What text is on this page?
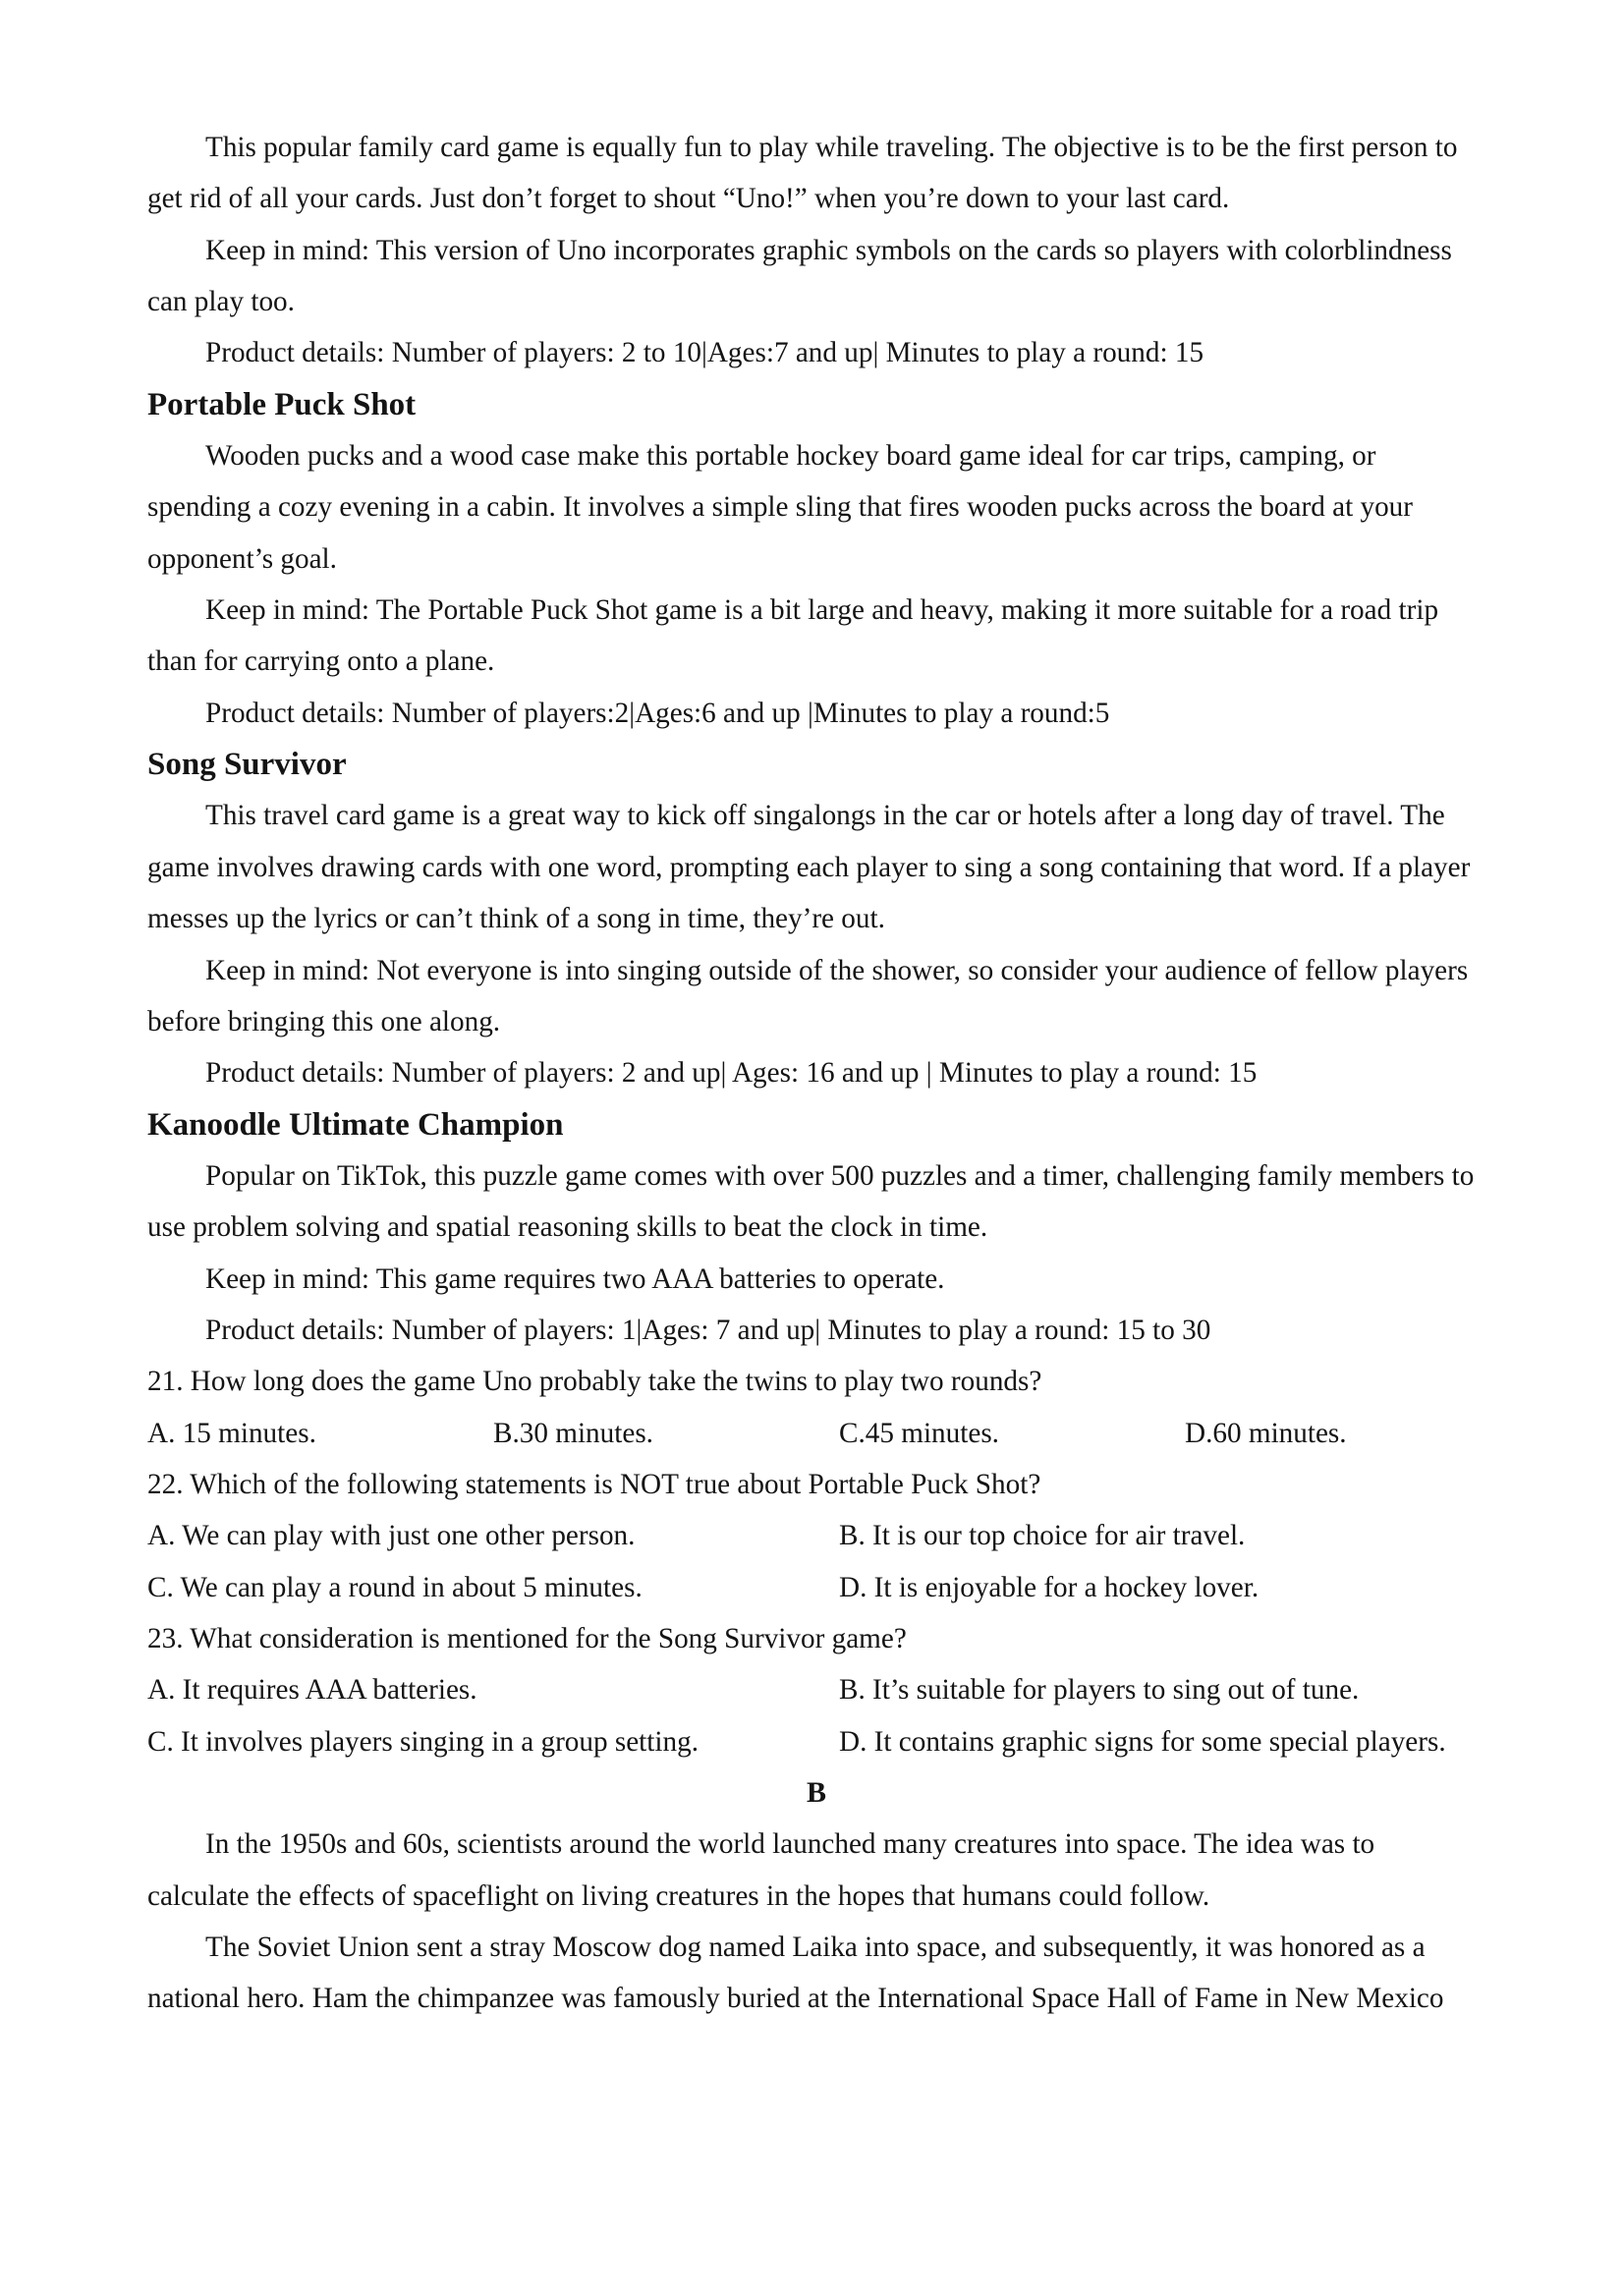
This popular family card game is equally fun to play while traveling. The objective is to be the first person to
get rid of all your cards. Just don’t forget to shout “Uno!” when you’re down to your last card.
Keep in mind: This version of Uno incorporates graphic symbols on the cards so players with colorblindness
can play too.
Product details: Number of players: 2 to 10|Ages:7 and up| Minutes to play a round: 15
Portable Puck Shot
Wooden pucks and a wood case make this portable hockey board game ideal for car trips, camping, or
spending a cozy evening in a cabin. It involves a simple sling that fires wooden pucks across the board at your
opponent’s goal.
Keep in mind: The Portable Puck Shot game is a bit large and heavy, making it more suitable for a road trip
than for carrying onto a plane.
Product details: Number of players:2|Ages:6 and up |Minutes to play a round:5
Song Survivor
This travel card game is a great way to kick off singalongs in the car or hotels after a long day of travel. The
game involves drawing cards with one word, prompting each player to sing a song containing that word. If a player
messes up the lyrics or can’t think of a song in time, they’re out.
Keep in mind: Not everyone is into singing outside of the shower, so consider your audience of fellow players
before bringing this one along.
Product details: Number of players: 2 and up| Ages: 16 and up | Minutes to play a round: 15
Kanoodle Ultimate Champion
Popular on TikTok, this puzzle game comes with over 500 puzzles and a timer, challenging family members to
use problem solving and spatial reasoning skills to beat the clock in time.
Keep in mind: This game requires two AAA batteries to operate.
Product details: Number of players: 1|Ages: 7 and up| Minutes to play a round: 15 to 30
21. How long does the game Uno probably take the twins to play two rounds?
A. 15 minutes.	B.30 minutes.	C.45 minutes.	D.60 minutes.
22. Which of the following statements is NOT true about Portable Puck Shot?
A. We can play with just one other person.	B. It is our top choice for air travel.
C. We can play a round in about 5 minutes.	D. It is enjoyable for a hockey lover.
23. What consideration is mentioned for the Song Survivor game?
A. It requires AAA batteries.	B. It’s suitable for players to sing out of tune.
C. It involves players singing in a group setting.	D. It contains graphic signs for some special players.
B
In the 1950s and 60s, scientists around the world launched many creatures into space. The idea was to
calculate the effects of spaceflight on living creatures in the hopes that humans could follow.
The Soviet Union sent a stray Moscow dog named Laika into space, and subsequently, it was honored as a
national hero. Ham the chimpanzee was famously buried at the International Space Hall of Fame in New Mexico
